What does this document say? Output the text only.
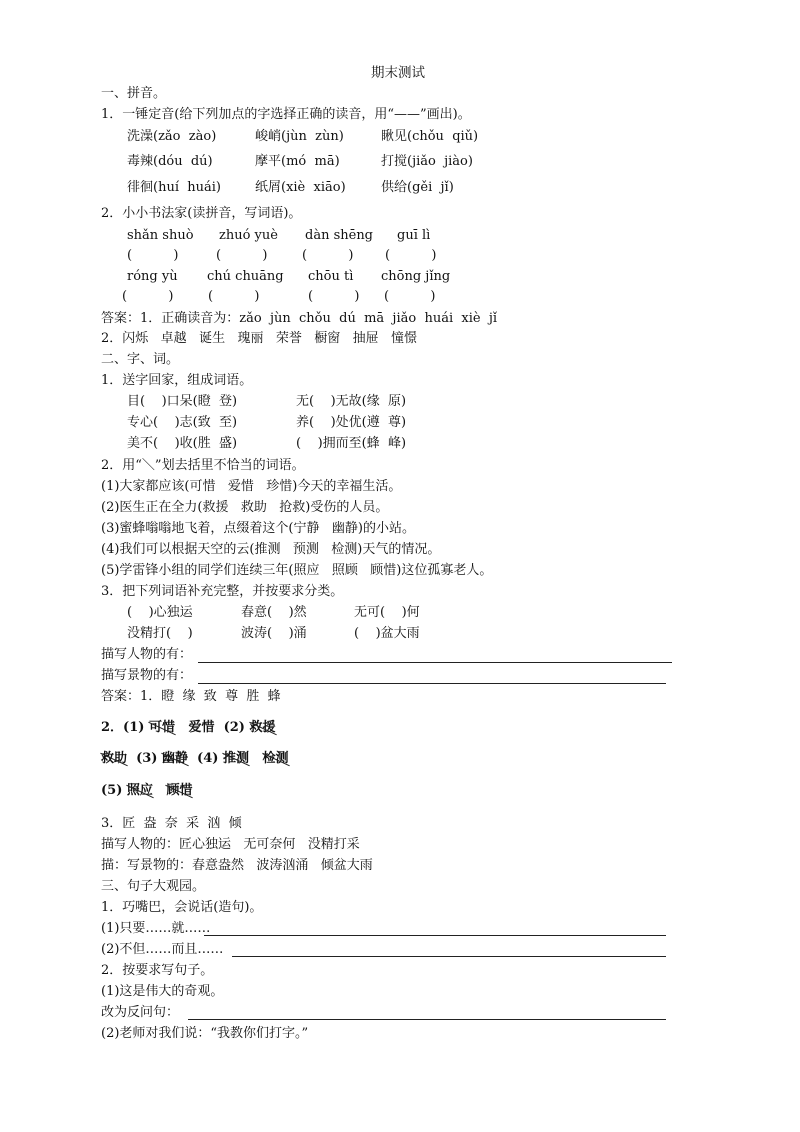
期末测试
一、拼音。
1．一锤定音(给下列加点的字选择正确的读音，用“——”画出)。
洗澡(zǎo  zào)	峻峭(jùn  zùn)	瞅见(chǒu  qiǔ)
毒辣(dóu  dú)	摩平(mó  mā)	打搅(jiǎo  jiào)
徘徊(huí  huái)	纸屑(xiè  xiāo)	供给(gěi  jǐ)
2．小小书法家(读拼音，写词语)。
shǎn shuò zhuó yuè dàn shēng guī lì
(          )	(          )	(          ) (          )
róng yù chú chuāng chōu tì chōng jǐng
(          )	(          )	(          ) (          )
答案：1．正确读音为：zǎo  jùn  chǒu  dú  mā  jiǎo  huái  xiè  jǐ
2．闪烁   卓越   诞生   瑰丽   荣誉   橱窗   抽屉   憧憬
二、字、词。
1．送字回家，组成词语。
目(    )口呆(瞪  登)	无(    )无故(缘  原)
专心(    )志(致  至)	养(    )处优(遵  尊)
美不(    )收(胜  盛)	(    )拥而至(蜂  峰)
2．用“＼”划去括里不恰当的词语。
(1)大家都应该(可惜   爱惜   珍惜)今天的幸福生活。
(2)医生正在全力(救援   救助   抢救)受伤的人员。
(3)蜜蜂嗡嗡地飞着，点缀着这个(宁静   幽静)的小站。
(4)我们可以根据天空的云(推测   预测   检测)天气的情况。
(5)学雷锋小组的同学们连续三年(照应   照顾   顾惜)这位孤寡老人。
3．把下列词语补充完整，并按要求分类。
(    )心独运	春意(    )然	无可(    )何
没精打(    )	波涛(    )涌	(    )盆大雨
描写人物的有：
描写景物的有：
答案：1．瞪  缘  致  尊  胜  蜂
2．(1) 可惜 爱惜 (2) 救援
救助 (3) 幽静 (4) 推测 检测
(5) 照应 顾惜
3．匠  盎  奈  采  汹  倾
描写人物的：匠心独运   无可奈何   没精打采
描：写景物的：春意盎然   波涛汹涌   倾盆大雨
三、句子大观园。
1．巧嘴巴，会说话(造句)。
(1)只要……就……
(2)不但……而且……
2．按要求写句子。
(1)这是伟大的奇观。
改为反问句：
(2)老师对我们说：“我教你们打字。”
